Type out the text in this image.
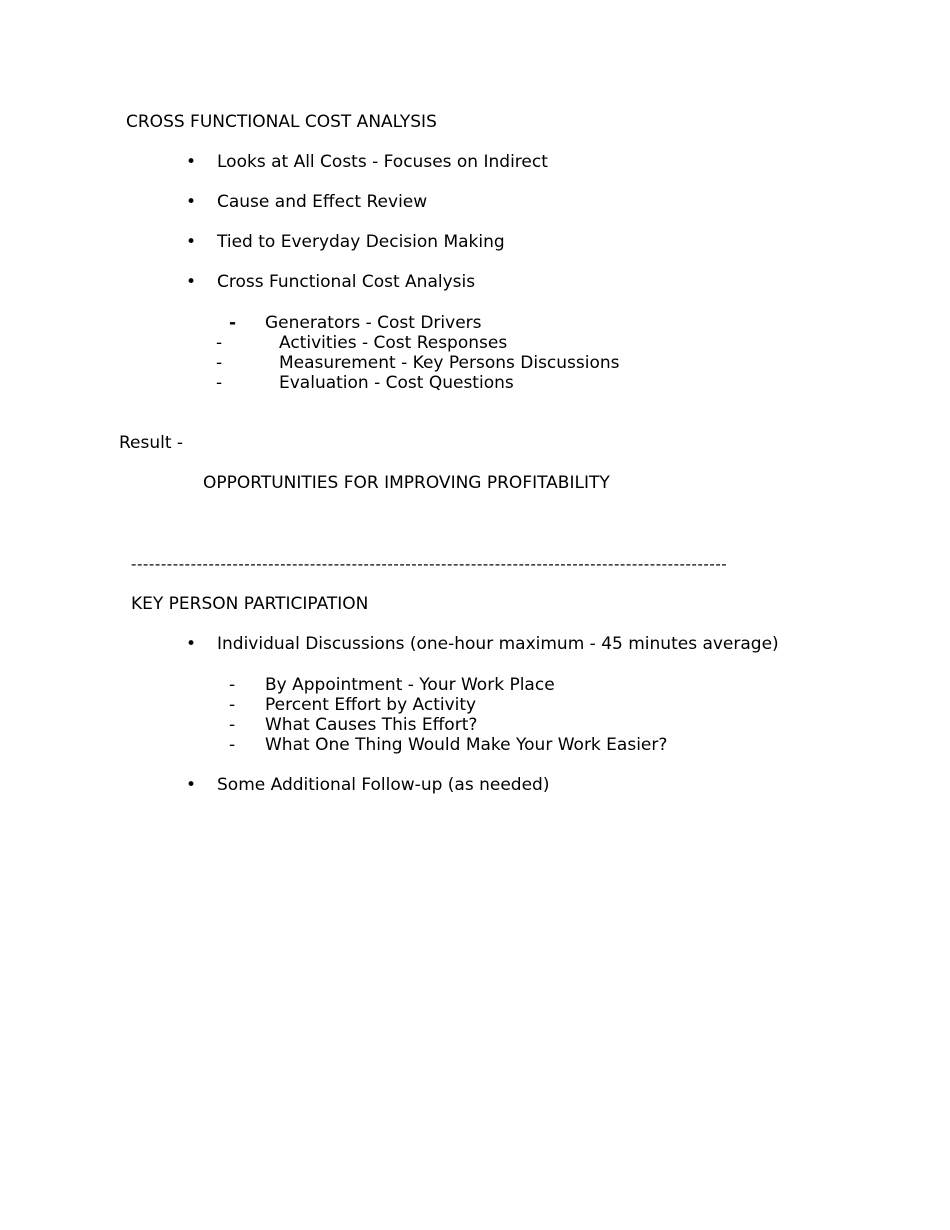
CROSS FUNCTIONAL COST ANALYSIS
• Looks at All Costs - Focuses on Indirect
• Cause and Effect Review
• Tied to Everyday Decision Making
• Cross Functional Cost Analysis
- Generators - Cost Drivers
-	Activities - Cost Responses
-	Measurement - Key Persons Discussions
-	Evaluation - Cost Questions
Result -
OPPORTUNITIES FOR IMPROVING PROFITABILITY
----------------------------------------------------------------------------------------------------
KEY PERSON PARTICIPATION
• Individual Discussions (one-hour maximum - 45 minutes average)
- By Appointment - Your Work Place
- Percent Effort by Activity
- What Causes This Effort?
- What One Thing Would Make Your Work Easier?
• Some Additional Follow-up (as needed)
